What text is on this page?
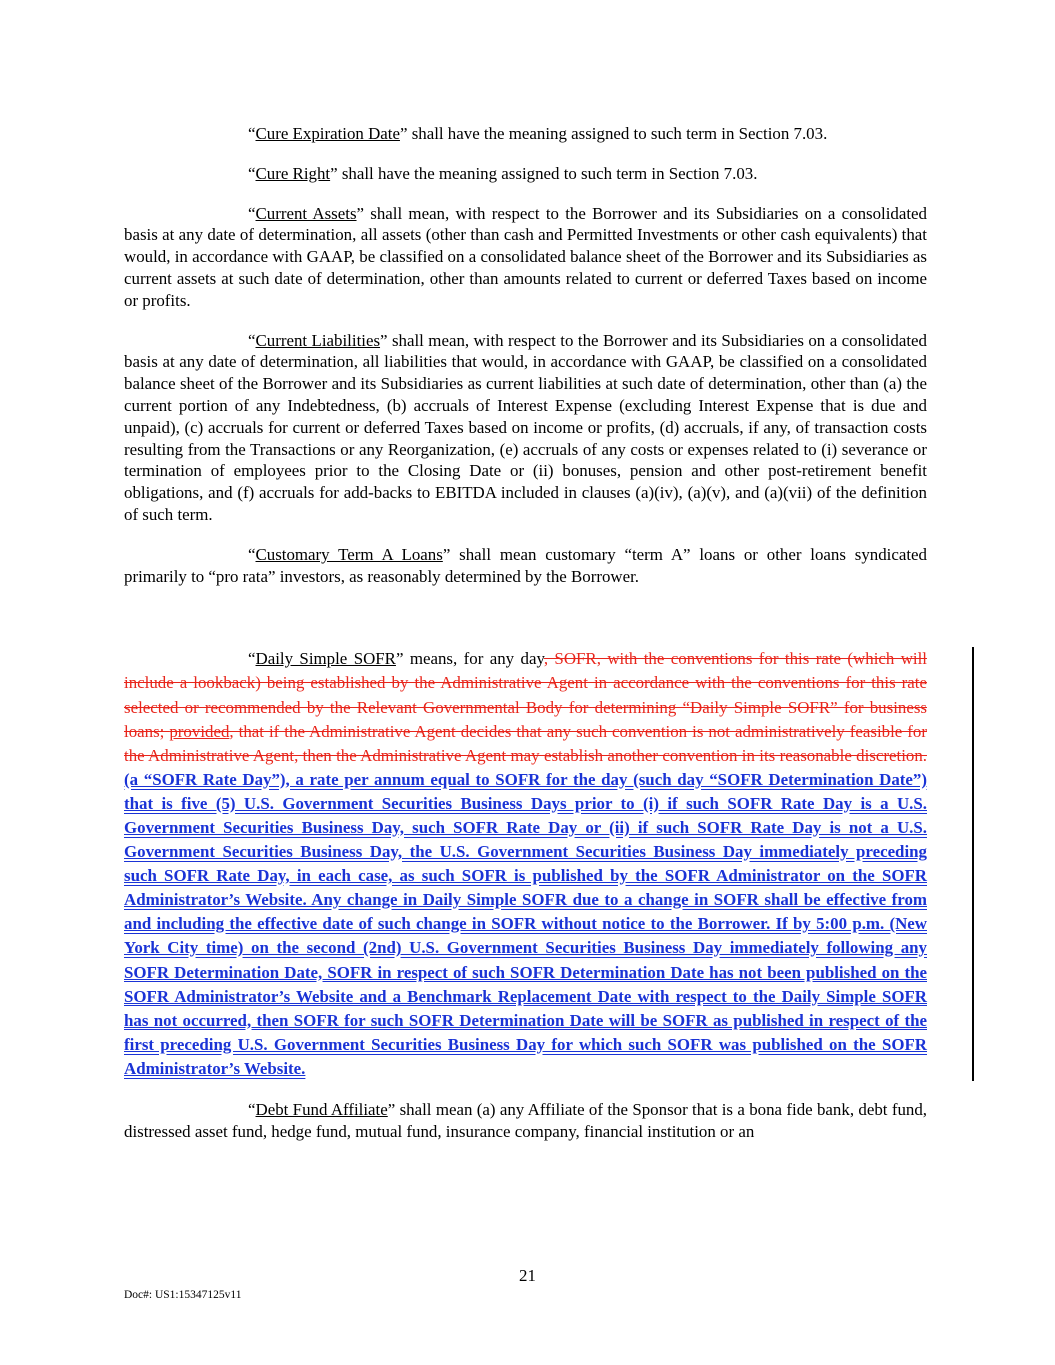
“Cure Expiration Date” shall have the meaning assigned to such term in Section 7.03.

“Cure Right” shall have the meaning assigned to such term in Section 7.03.

“Current Assets” shall mean, with respect to the Borrower and its Subsidiaries on a consolidated basis at any date of determination, all assets (other than cash and Permitted Investments or other cash equivalents) that would, in accordance with GAAP, be classified on a consolidated balance sheet of the Borrower and its Subsidiaries as current assets at such date of determination, other than amounts related to current or deferred Taxes based on income or profits.

“Current Liabilities” shall mean, with respect to the Borrower and its Subsidiaries on a consolidated basis at any date of determination, all liabilities that would, in accordance with GAAP, be classified on a consolidated balance sheet of the Borrower and its Subsidiaries as current liabilities at such date of determination, other than (a) the current portion of any Indebtedness, (b) accruals of Interest Expense (excluding Interest Expense that is due and unpaid), (c) accruals for current or deferred Taxes based on income or profits, (d) accruals, if any, of transaction costs resulting from the Transactions or any Reorganization, (e) accruals of any costs or expenses related to (i) severance or termination of employees prior to the Closing Date or (ii) bonuses, pension and other post-retirement benefit obligations, and (f) accruals for add-backs to EBITDA included in clauses (a)(iv), (a)(v), and (a)(vii) of the definition of such term.

“Customary Term A Loans” shall mean customary “term A” loans or other loans syndicated primarily to “pro rata” investors, as reasonably determined by the Borrower.

“Daily Simple SOFR” means, for any day, SOFR, with the conventions for this rate (which will include a lookback) being established by the Administrative Agent in accordance with the conventions for this rate selected or recommended by the Relevant Governmental Body for determining “Daily Simple SOFR” for business loans; provided, that if the Administrative Agent decides that any such convention is not administratively feasible for the Administrative Agent, then the Administrative Agent may establish another convention in its reasonable discretion. (a “SOFR Rate Day”), a rate per annum equal to SOFR for the day (such day “SOFR Determination Date”) that is five (5) U.S. Government Securities Business Days prior to (i) if such SOFR Rate Day is a U.S. Government Securities Business Day, such SOFR Rate Day or (ii) if such SOFR Rate Day is not a U.S. Government Securities Business Day, the U.S. Government Securities Business Day immediately preceding such SOFR Rate Day, in each case, as such SOFR is published by the SOFR Administrator on the SOFR Administrator’s Website. Any change in Daily Simple SOFR due to a change in SOFR shall be effective from and including the effective date of such change in SOFR without notice to the Borrower. If by 5:00 p.m. (New York City time) on the second (2nd) U.S. Government Securities Business Day immediately following any SOFR Determination Date, SOFR in respect of such SOFR Determination Date has not been published on the SOFR Administrator’s Website and a Benchmark Replacement Date with respect to the Daily Simple SOFR has not occurred, then SOFR for such SOFR Determination Date will be SOFR as published in respect of the first preceding U.S. Government Securities Business Day for which such SOFR was published on the SOFR Administrator’s Website.

“Debt Fund Affiliate” shall mean (a) any Affiliate of the Sponsor that is a bona fide bank, debt fund, distressed asset fund, hedge fund, mutual fund, insurance company, financial institution or an

21
Doc#: US1:15347125v11
